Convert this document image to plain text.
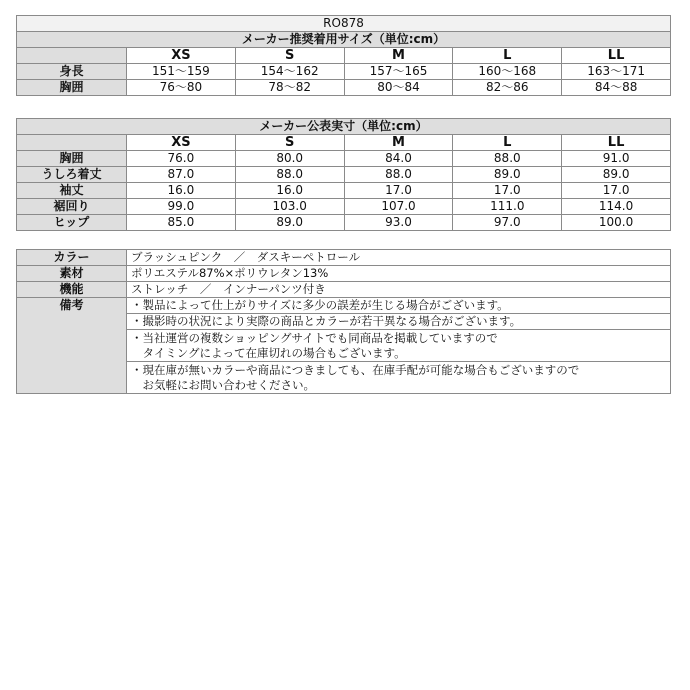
RO878					
メーカー推奨着用サイズ（単位:cm）					
	XS	S	M	L	LL
身長	151〜159	154〜162	157〜165	160〜168	163〜171
胸囲	76〜80	78〜82	80〜84	82〜86	84〜88
メーカー公表実寸（単位:cm）					
	XS	S	M	L	LL
胸囲	76.0	80.0	84.0	88.0	91.0
うしろ着丈	87.0	88.0	88.0	89.0	89.0
袖丈	16.0	16.0	17.0	17.0	17.0
裾回り	99.0	103.0	107.0	111.0	114.0
ヒップ	85.0	89.0	93.0	97.0	100.0
カラー	ブラッシュピンク　／　ダスキーペトロール
素材	ポリエステル87%×ポリウレタン13%
機能	ストレッチ　／　インナーパンツ付き
備考	・製品によって仕上がりサイズに多少の誤差が生じる場合がございます。
	・撮影時の状況により実際の商品とカラーが若干異なる場合がございます。
	・当社運営の複数ショッピングサイトでも同商品を掲載していますので
　タイミングによって在庫切れの場合もございます。
	・現在庫が無いカラーや商品につきましても、在庫手配が可能な場合もございますので
　お気軽にお問い合わせください。
